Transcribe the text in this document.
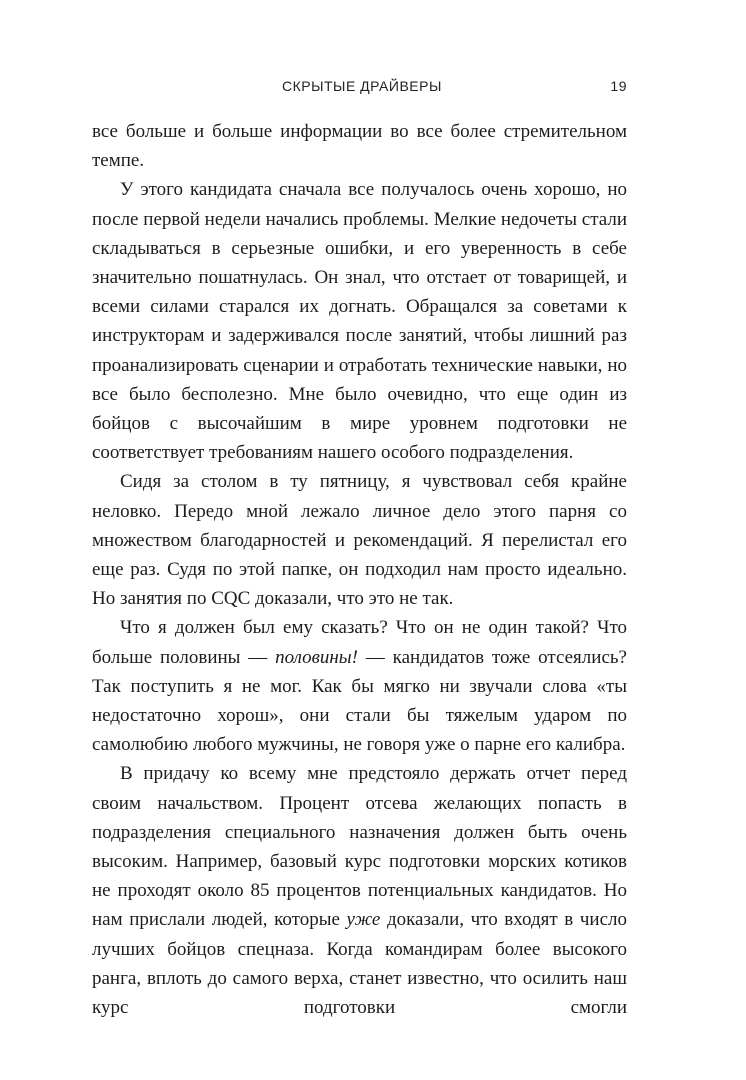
СКРЫТЫЕ ДРАЙВЕРЫ	19

все больше и больше информации во все более стремительном темпе.

У этого кандидата сначала все получалось очень хорошо, но после первой недели начались проблемы. Мелкие недочеты стали складываться в серьезные ошибки, и его уверенность в себе значительно пошатнулась. Он знал, что отстает от товарищей, и всеми силами старался их догнать. Обращался за советами к инструкторам и задерживался после занятий, чтобы лишний раз проанализировать сценарии и отработать технические навыки, но все было бесполезно. Мне было очевидно, что еще один из бойцов с высочайшим в мире уровнем подготовки не соответствует требованиям нашего особого подразделения.

Сидя за столом в ту пятницу, я чувствовал себя крайне неловко. Передо мной лежало личное дело этого парня со множеством благодарностей и рекомендаций. Я перелистал его еще раз. Судя по этой папке, он подходил нам просто идеально. Но занятия по CQC доказали, что это не так.

Что я должен был ему сказать? Что он не один такой? Что больше половины — половины! — кандидатов тоже отсеялись? Так поступить я не мог. Как бы мягко ни звучали слова «ты недостаточно хорош», они стали бы тяжелым ударом по самолюбию любого мужчины, не говоря уже о парне его калибра.

В придачу ко всему мне предстояло держать отчет перед своим начальством. Процент отсева желающих попасть в подразделения специального назначения должен быть очень высоким. Например, базовый курс подготовки морских котиков не проходят около 85 процентов потенциальных кандидатов. Но нам прислали людей, которые уже доказали, что входят в число лучших бойцов спецназа. Когда командирам более высокого ранга, вплоть до самого верха, станет известно, что осилить наш курс подготовки смогли
